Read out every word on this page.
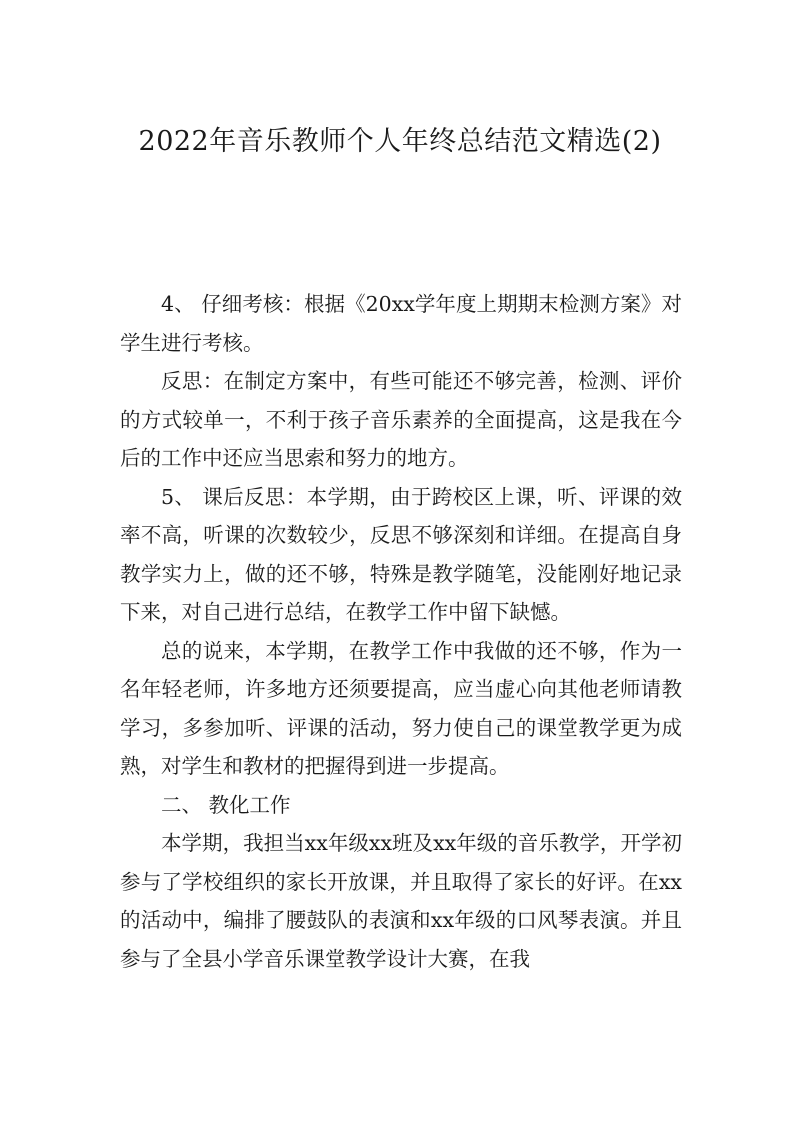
2022年音乐教师个人年终总结范文精选(2)

4、 仔细考核：根据《20xx学年度上期期末检测方案》对学生进行考核。

反思：在制定方案中，有些可能还不够完善，检测、评价的方式较单一，不利于孩子音乐素养的全面提高，这是我在今后的工作中还应当思索和努力的地方。

5、 课后反思：本学期，由于跨校区上课，听、评课的效率不高，听课的次数较少，反思不够深刻和详细。在提高自身教学实力上，做的还不够，特殊是教学随笔，没能刚好地记录下来，对自己进行总结，在教学工作中留下缺憾。

总的说来，本学期，在教学工作中我做的还不够，作为一名年轻老师，许多地方还须要提高，应当虚心向其他老师请教学习，多参加听、评课的活动，努力使自己的课堂教学更为成熟，对学生和教材的把握得到进一步提高。

二、 教化工作

本学期，我担当xx年级xx班及xx年级的音乐教学，开学初参与了学校组织的家长开放课，并且取得了家长的好评。在xx的活动中，编排了腰鼓队的表演和xx年级的口风琴表演。并且参与了全县小学音乐课堂教学设计大赛，在我
